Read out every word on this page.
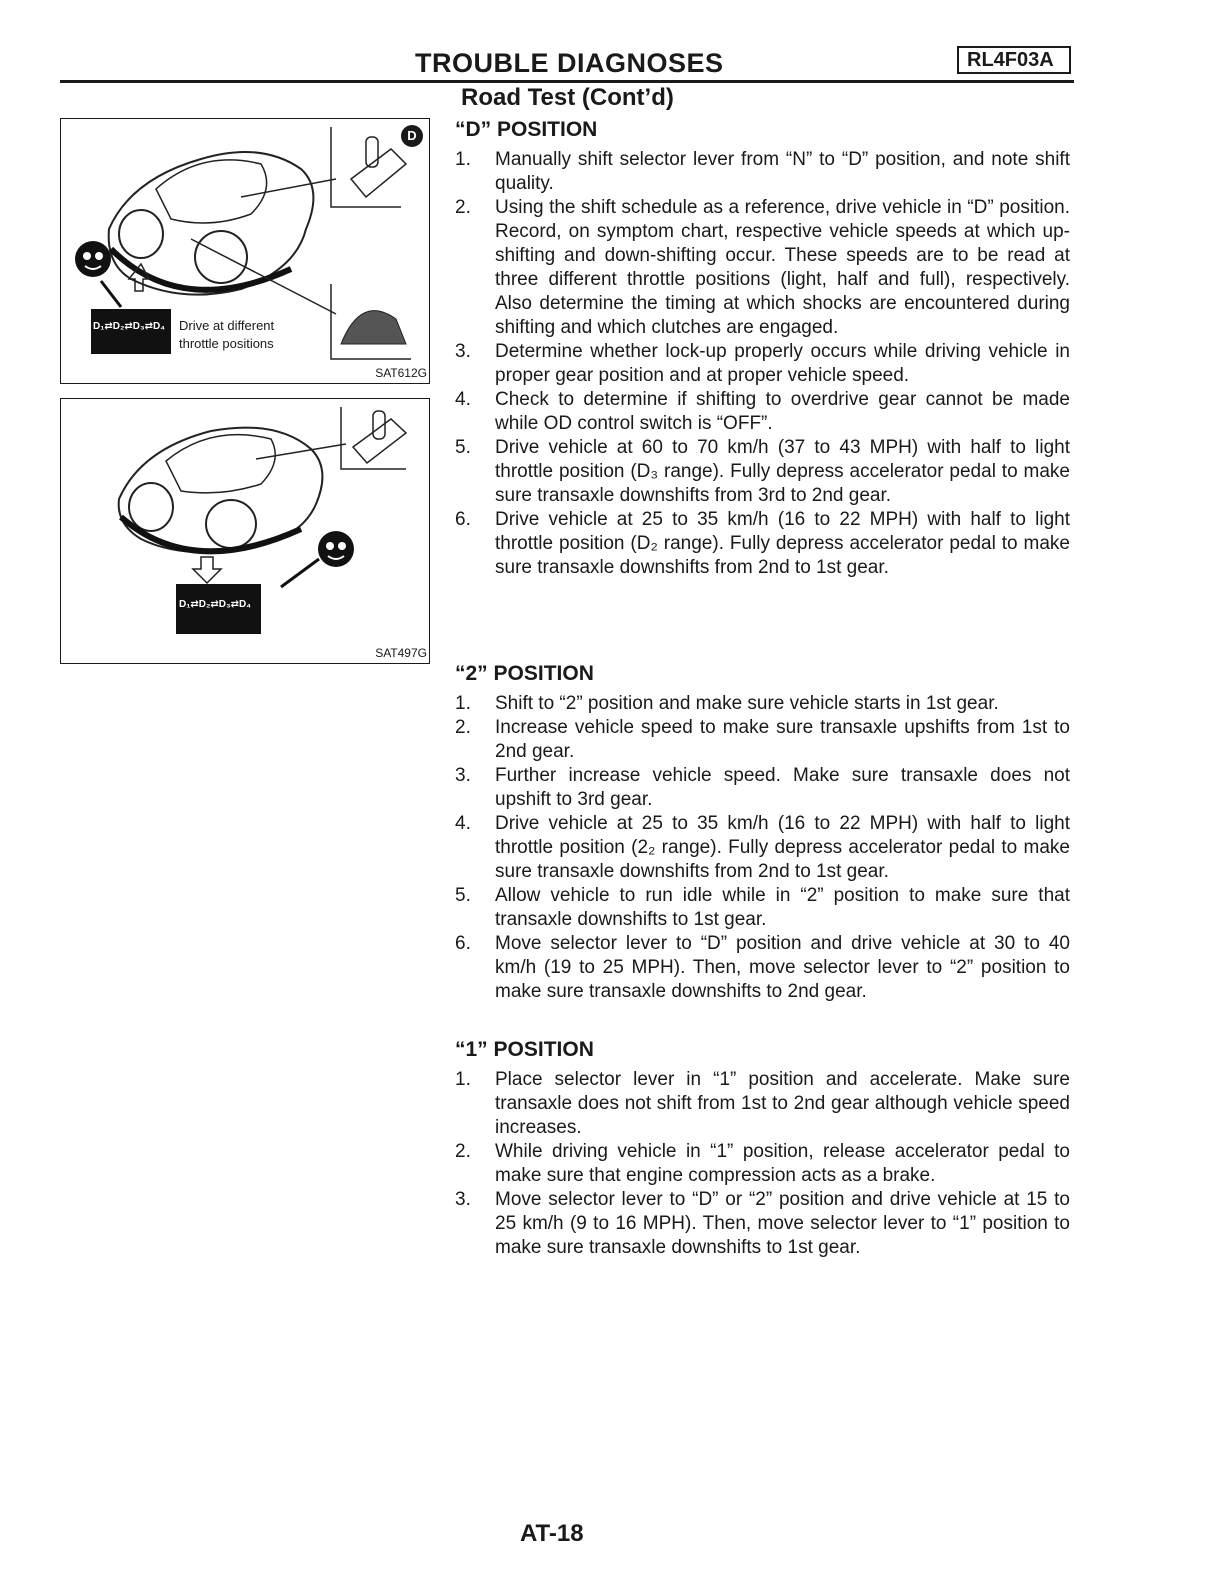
TROUBLE DIAGNOSES	RL4F03A
Road Test (Cont’d)
D
D₁⇄D₂⇄D₃⇄D₄ Drive at different
throttle positions
SAT612G
D₁⇄D₂⇄D₃⇄D₄
SAT497G
“D” POSITION
1. Manually shift selector lever from “N” to “D” position, and note shift quality.
2. Using the shift schedule as a reference, drive vehicle in “D” position. Record, on symptom chart, respective vehicle speeds at which up-shifting and down-shifting occur. These speeds are to be read at three different throttle positions (light, half and full), respectively. Also determine the timing at which shocks are encountered during shifting and which clutches are engaged.
3. Determine whether lock-up properly occurs while driving vehicle in proper gear position and at proper vehicle speed.
4. Check to determine if shifting to overdrive gear cannot be made while OD control switch is “OFF”.
5. Drive vehicle at 60 to 70 km/h (37 to 43 MPH) with half to light throttle position (D₃ range). Fully depress accelerator pedal to make sure transaxle downshifts from 3rd to 2nd gear.
6. Drive vehicle at 25 to 35 km/h (16 to 22 MPH) with half to light throttle position (D₂ range). Fully depress accelerator pedal to make sure transaxle downshifts from 2nd to 1st gear.
“2” POSITION
1. Shift to “2” position and make sure vehicle starts in 1st gear.
2. Increase vehicle speed to make sure transaxle upshifts from 1st to 2nd gear.
3. Further increase vehicle speed. Make sure transaxle does not upshift to 3rd gear.
4. Drive vehicle at 25 to 35 km/h (16 to 22 MPH) with half to light throttle position (2₂ range). Fully depress accelerator pedal to make sure transaxle downshifts from 2nd to 1st gear.
5. Allow vehicle to run idle while in “2” position to make sure that transaxle downshifts to 1st gear.
6. Move selector lever to “D” position and drive vehicle at 30 to 40 km/h (19 to 25 MPH). Then, move selector lever to “2” position to make sure transaxle downshifts to 2nd gear.
“1” POSITION
1. Place selector lever in “1” position and accelerate. Make sure transaxle does not shift from 1st to 2nd gear although vehicle speed increases.
2. While driving vehicle in “1” position, release accelerator pedal to make sure that engine compression acts as a brake.
3. Move selector lever to “D” or “2” position and drive vehicle at 15 to 25 km/h (9 to 16 MPH). Then, move selector lever to “1” position to make sure transaxle downshifts to 1st gear.
AT-18
